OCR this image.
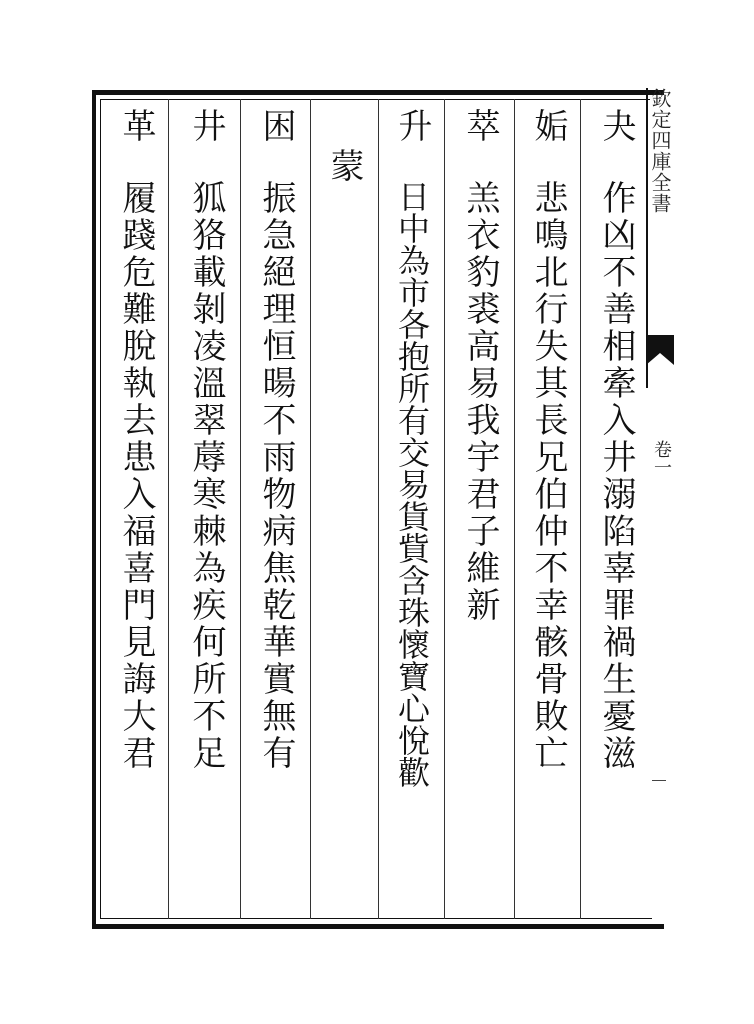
欽定四庫全書
卷一
夬
作凶不善相牽入井溺陷辜罪禍生憂滋
姤
悲鳴北行失其長兄伯仲不幸骸骨敗亡
萃
羔衣豹裘高易我宇君子維新
升
日中為市各抱所有交易貨貲含珠懷寶心悅歡
蒙
困
振急絕理恒暘不雨物病焦乾華實無有
井
狐狢載剝凌溫翠蓐寒棘為疾何所不足
革
履踐危難脫執去患入福喜門見誨大君
